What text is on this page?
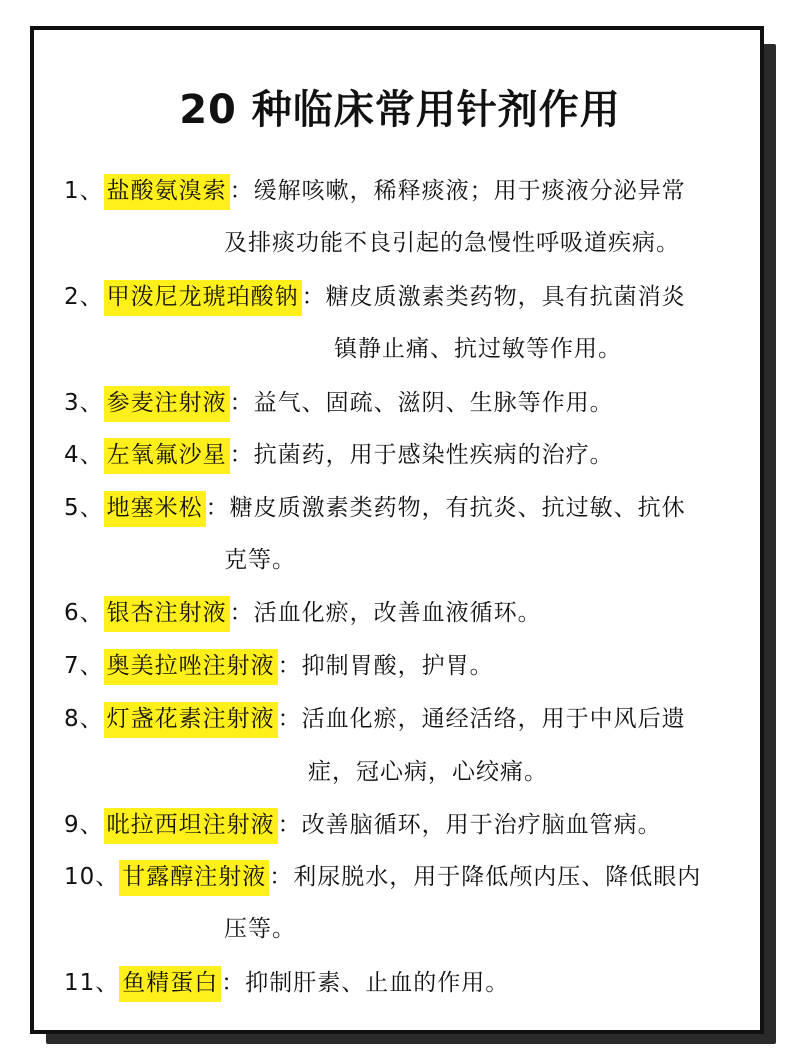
20 种临床常用针剂作用
1、 盐酸氨溴索 ：缓解咳嗽，稀释痰液；用于痰液分泌异常
及排痰功能不良引起的急慢性呼吸道疾病。
2、 甲泼尼龙琥珀酸钠 ：糖皮质激素类药物，具有抗菌消炎
镇静止痛、抗过敏等作用。
3、 参麦注射液 ：益气、固疏、滋阴、生脉等作用。
4、 左氧氟沙星 ：抗菌药，用于感染性疾病的治疗。
5、 地塞米松 ：糖皮质激素类药物，有抗炎、抗过敏、抗休
克等。
6、 银杏注射液 ：活血化瘀，改善血液循环。
7、 奥美拉唑注射液 ：抑制胃酸，护胃。
8、 灯盏花素注射液 ：活血化瘀，通经活络，用于中风后遗
症，冠心病，心绞痛。
9、 吡拉西坦注射液 ：改善脑循环，用于治疗脑血管病。
10、 甘露醇注射液 ：利尿脱水，用于降低颅内压、降低眼内
压等。
11、 鱼精蛋白 ：抑制肝素、止血的作用。
